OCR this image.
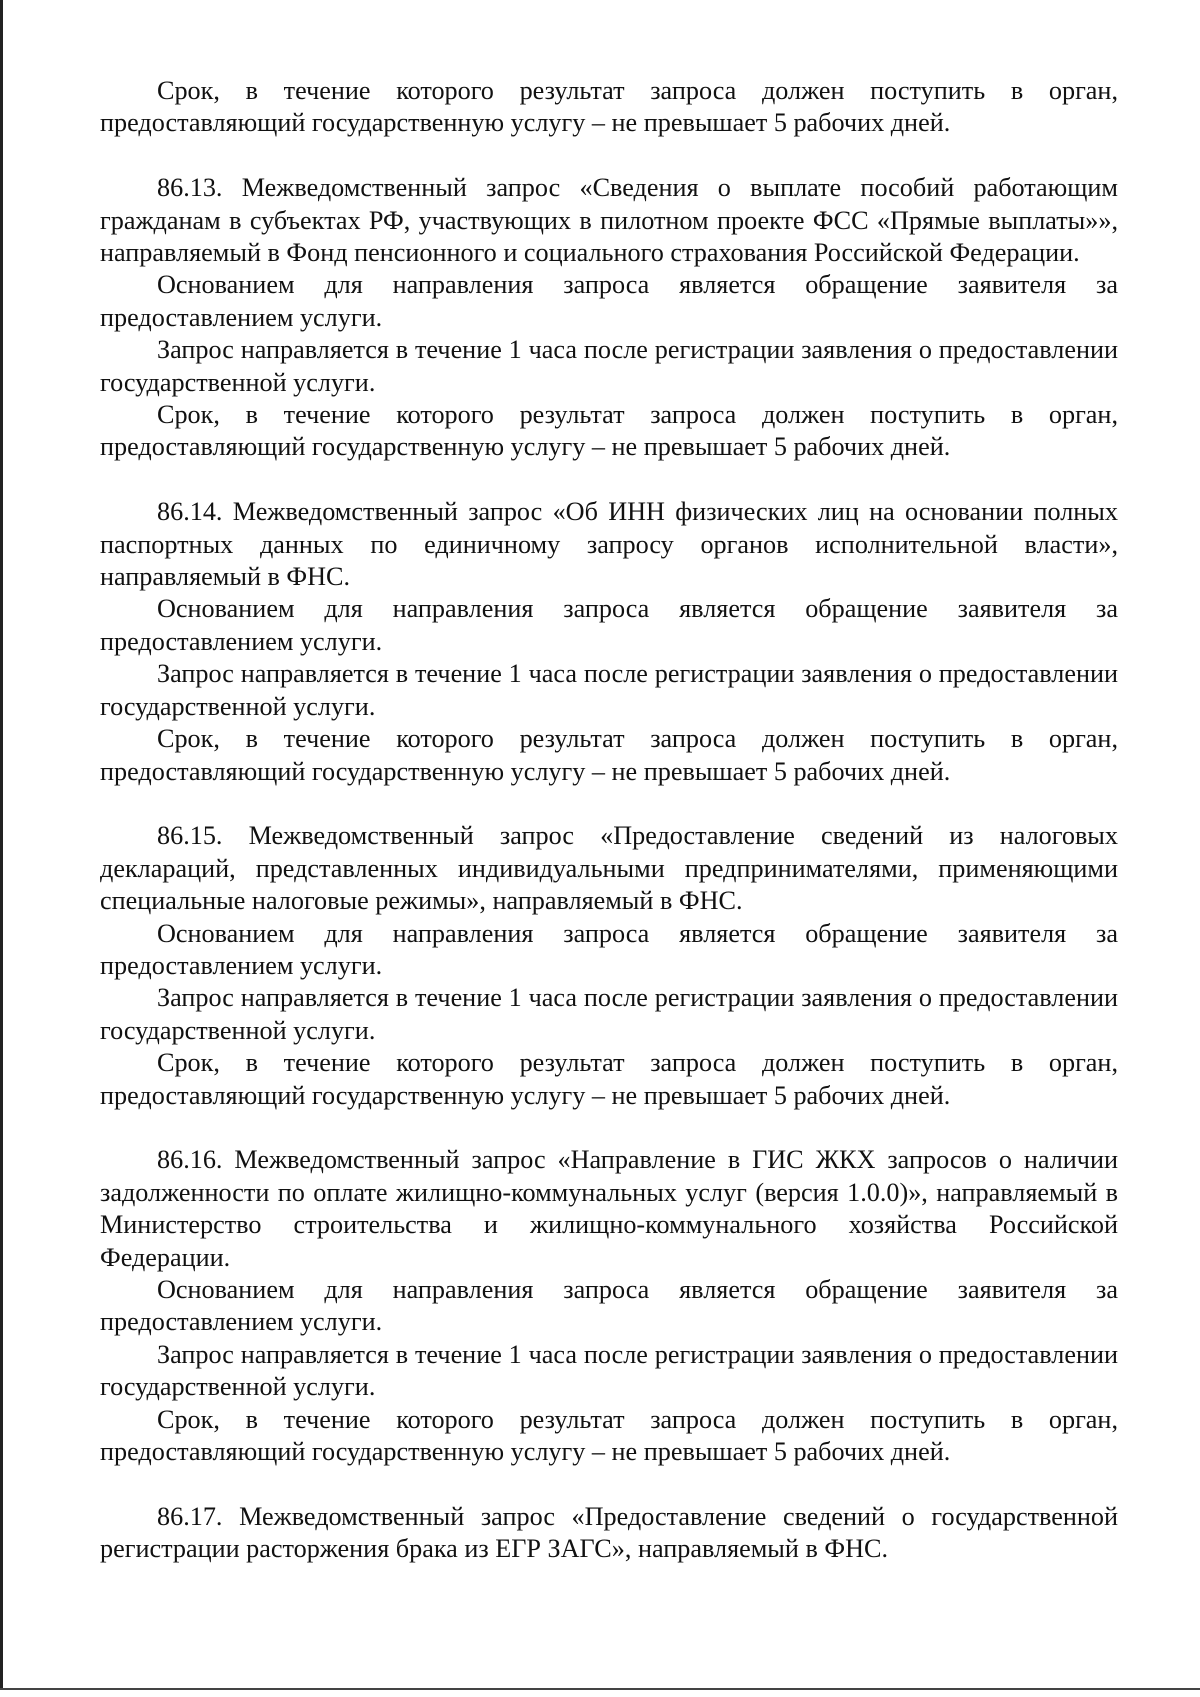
Срок, в течение которого результат запроса должен поступить в орган, предоставляющий государственную услугу – не превышает 5 рабочих дней.

86.13. Межведомственный запрос «Сведения о выплате пособий работающим гражданам в субъектах РФ, участвующих в пилотном проекте ФСС «Прямые выплаты»», направляемый в Фонд пенсионного и социального страхования Российской Федерации.

Основанием для направления запроса является обращение заявителя за предоставлением услуги.

Запрос направляется в течение 1 часа после регистрации заявления о предоставлении государственной услуги.

Срок, в течение которого результат запроса должен поступить в орган, предоставляющий государственную услугу – не превышает 5 рабочих дней.

86.14. Межведомственный запрос «Об ИНН физических лиц на основании полных паспортных данных по единичному запросу органов исполнительной власти», направляемый в ФНС.

Основанием для направления запроса является обращение заявителя за предоставлением услуги.

Запрос направляется в течение 1 часа после регистрации заявления о предоставлении государственной услуги.

Срок, в течение которого результат запроса должен поступить в орган, предоставляющий государственную услугу – не превышает 5 рабочих дней.

86.15. Межведомственный запрос «Предоставление сведений из налоговых деклараций, представленных индивидуальными предпринимателями, применяющими специальные налоговые режимы», направляемый в ФНС.

Основанием для направления запроса является обращение заявителя за предоставлением услуги.

Запрос направляется в течение 1 часа после регистрации заявления о предоставлении государственной услуги.

Срок, в течение которого результат запроса должен поступить в орган, предоставляющий государственную услугу – не превышает 5 рабочих дней.

86.16. Межведомственный запрос «Направление в ГИС ЖКХ запросов о наличии задолженности по оплате жилищно-коммунальных услуг (версия 1.0.0)», направляемый в Министерство строительства и жилищно-коммунального хозяйства Российской Федерации.

Основанием для направления запроса является обращение заявителя за предоставлением услуги.

Запрос направляется в течение 1 часа после регистрации заявления о предоставлении государственной услуги.

Срок, в течение которого результат запроса должен поступить в орган, предоставляющий государственную услугу – не превышает 5 рабочих дней.

86.17. Межведомственный запрос «Предоставление сведений о государственной регистрации расторжения брака из ЕГР ЗАГС», направляемый в ФНС.
